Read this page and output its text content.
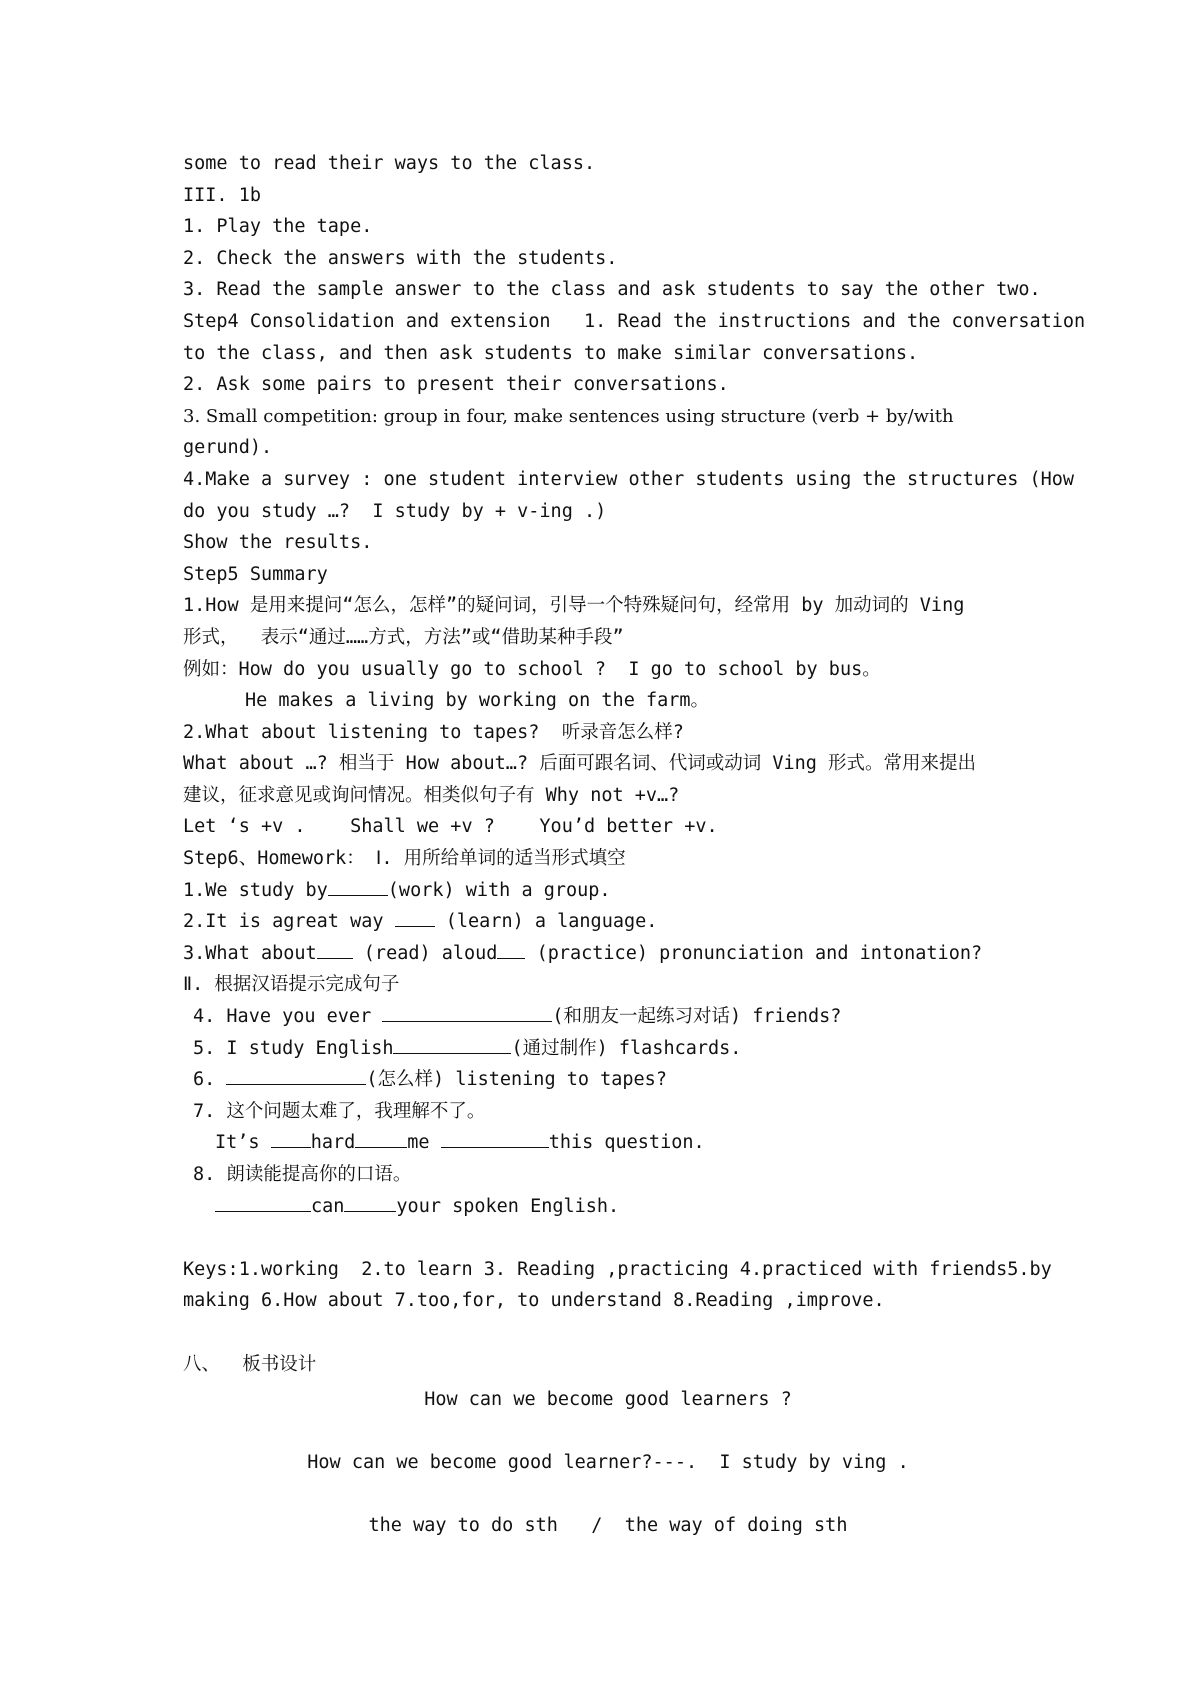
some to read their ways to the class.
III. 1b
1. Play the tape.
2. Check the answers with the students.
3. Read the sample answer to the class and ask students to say the other two.
Step4 Consolidation and extension   1. Read the instructions and the conversation
to the class, and then ask students to make similar conversations.
2. Ask some pairs to present their conversations.
3. Small competition: group in four, make sentences using structure (verb + by/with
gerund).
4.Make a survey : one student interview other students using the structures (How
do you study …?  I study by + v-ing .)
Show the results.
Step5 Summary
1.How 是用来提问“怎么，怎样”的疑问词，引导一个特殊疑问句，经常用 by 加动词的 Ving
形式，  表示“通过……方式，方法”或“借助某种手段”
例如：How do you usually go to school ?  I go to school by bus。
He makes a living by working on the farm。
2.What about listening to tapes?  听录音怎么样?
What about …? 相当于 How about…? 后面可跟名词、代词或动词 Ving 形式。常用来提出
建议，征求意见或询问情况。相类似句子有 Why not +v…?
Let ‘s +v .    Shall we +v ?    You’d better +v.
Step6、Homework： Ⅰ. 用所给单词的适当形式填空
1.We study by	(work) with a group.
2.It is agreat way  (learn) a language.
3.What about (read) aloud (practice) pronunciation and intonation?
Ⅱ. 根据汉语提示完成句子
4. Have you ever	(和朋友一起练习对话) friends?
5. I study English	(通过制作) flashcards.
6.	(怎么样) listening to tapes?
7. 这个问题太难了，我理解不了。
It’s hard	me	this question.
8. 朗读能提高你的口语。
can	your spoken English.
Keys:1.working  2.to learn 3. Reading ,practicing 4.practiced with friends5.by
making 6.How about 7.too,for, to understand 8.Reading ,improve.
八、  板书设计
How can we become good learners ?
How can we become good learner?---.  I study by ving .
the way to do sth   /  the way of doing sth
